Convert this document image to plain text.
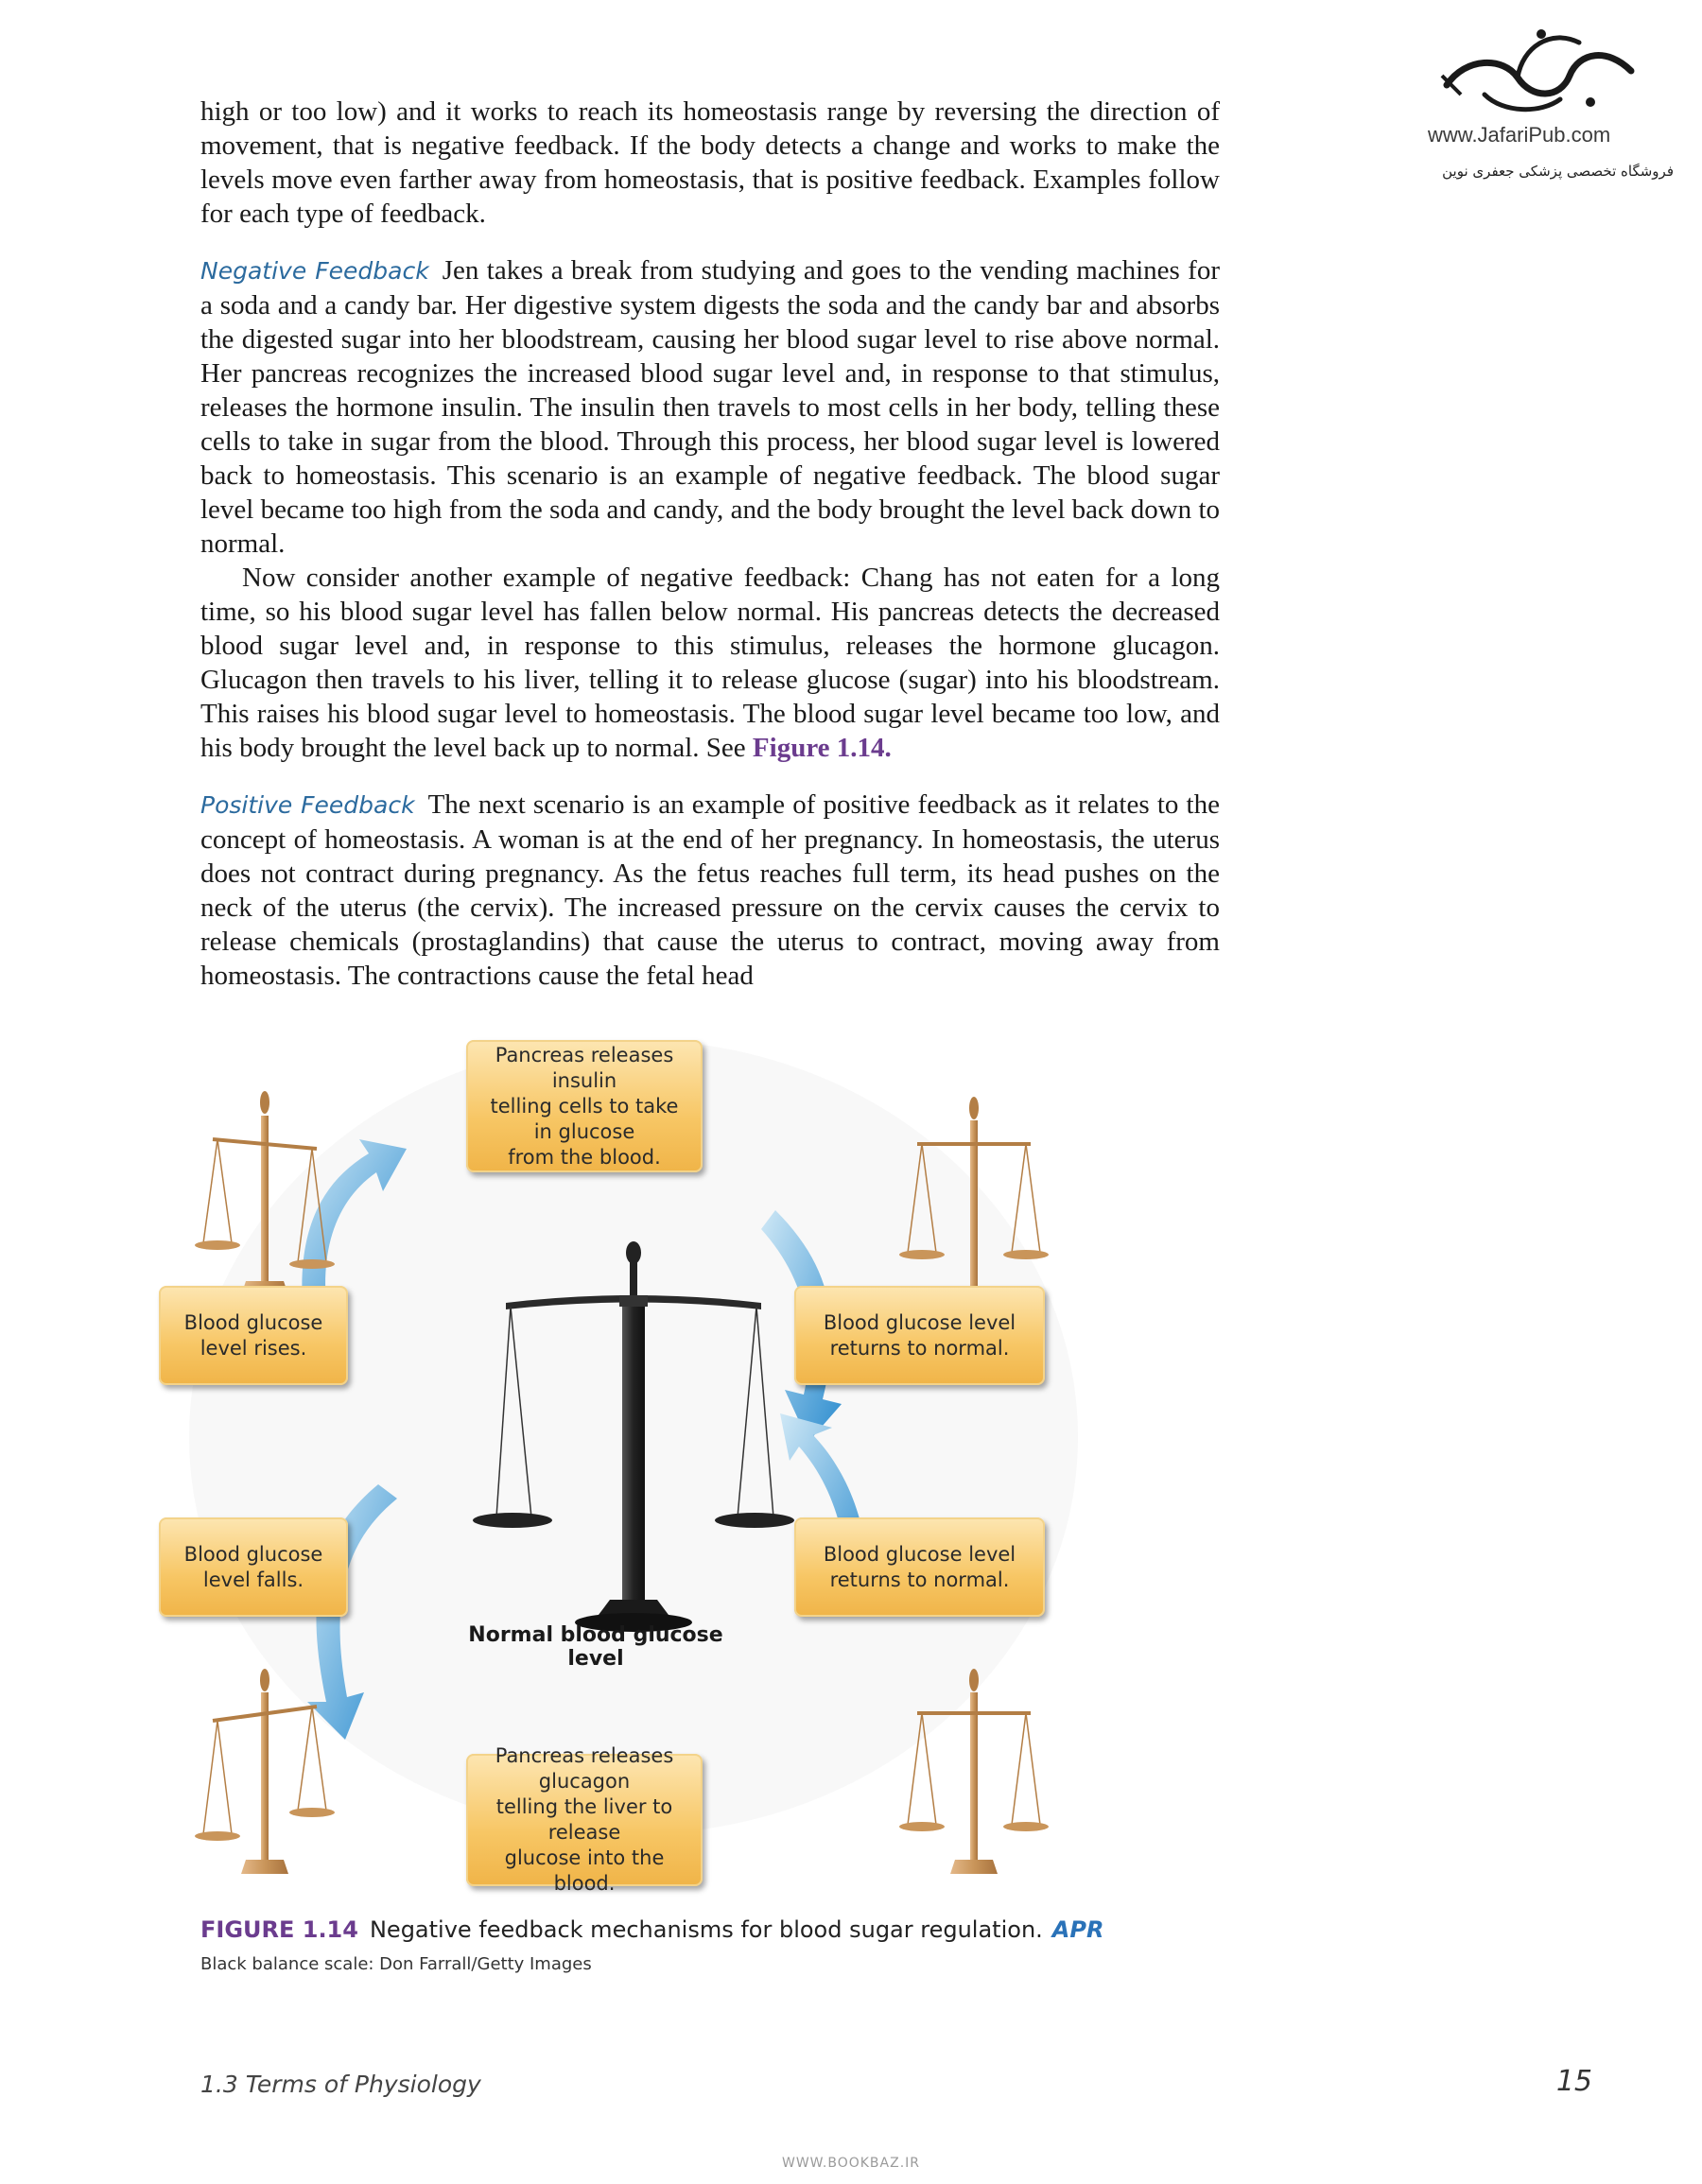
www.JafariPub.com
فروشگاه تخصصی پزشکی جعفری نوین

high or too low) and it works to reach its homeostasis range by reversing the direction of movement, that is negative feedback. If the body detects a change and works to make the levels move even farther away from homeostasis, that is positive feedback. Examples follow for each type of feedback.

Negative Feedback Jen takes a break from studying and goes to the vending machines for a soda and a candy bar. Her digestive system digests the soda and the candy bar and absorbs the digested sugar into her bloodstream, causing her blood sugar level to rise above normal. Her pancreas recognizes the increased blood sugar level and, in response to that stimulus, releases the hormone insulin. The insulin then travels to most cells in her body, telling these cells to take in sugar from the blood. Through this process, her blood sugar level is lowered back to homeostasis. This scenario is an example of negative feedback. The blood sugar level became too high from the soda and candy, and the body brought the level back down to normal.

Now consider another example of negative feedback: Chang has not eaten for a long time, so his blood sugar level has fallen below normal. His pancreas detects the decreased blood sugar level and, in response to this stimulus, releases the hormone glucagon. Glucagon then travels to his liver, telling it to release glucose (sugar) into his bloodstream. This raises his blood sugar level to homeostasis. The blood sugar level became too low, and his body brought the level back up to normal. See Figure 1.14.

Positive Feedback The next scenario is an example of positive feedback as it relates to the concept of homeostasis. A woman is at the end of her pregnancy. In homeostasis, the uterus does not contract during pregnancy. As the fetus reaches full term, its head pushes on the neck of the uterus (the cervix). The increased pressure on the cervix causes the cervix to release chemicals (prostaglandins) that cause the uterus to contract, moving away from homeostasis. The contractions cause the fetal head

Pancreas releases insulin
telling cells to take in glucose
from the blood.
Blood glucose
level rises.
Blood glucose level
returns to normal.
Blood glucose
level falls.
Blood glucose level
returns to normal.
Normal blood glucose level
Pancreas releases glucagon
telling the liver to release
glucose into the blood.
FIGURE 1.14 Negative feedback mechanisms for blood sugar regulation. APR
Black balance scale: Don Farrall/Getty Images
1.3 Terms of Physiology	15
WWW.BOOKBAZ.IR
